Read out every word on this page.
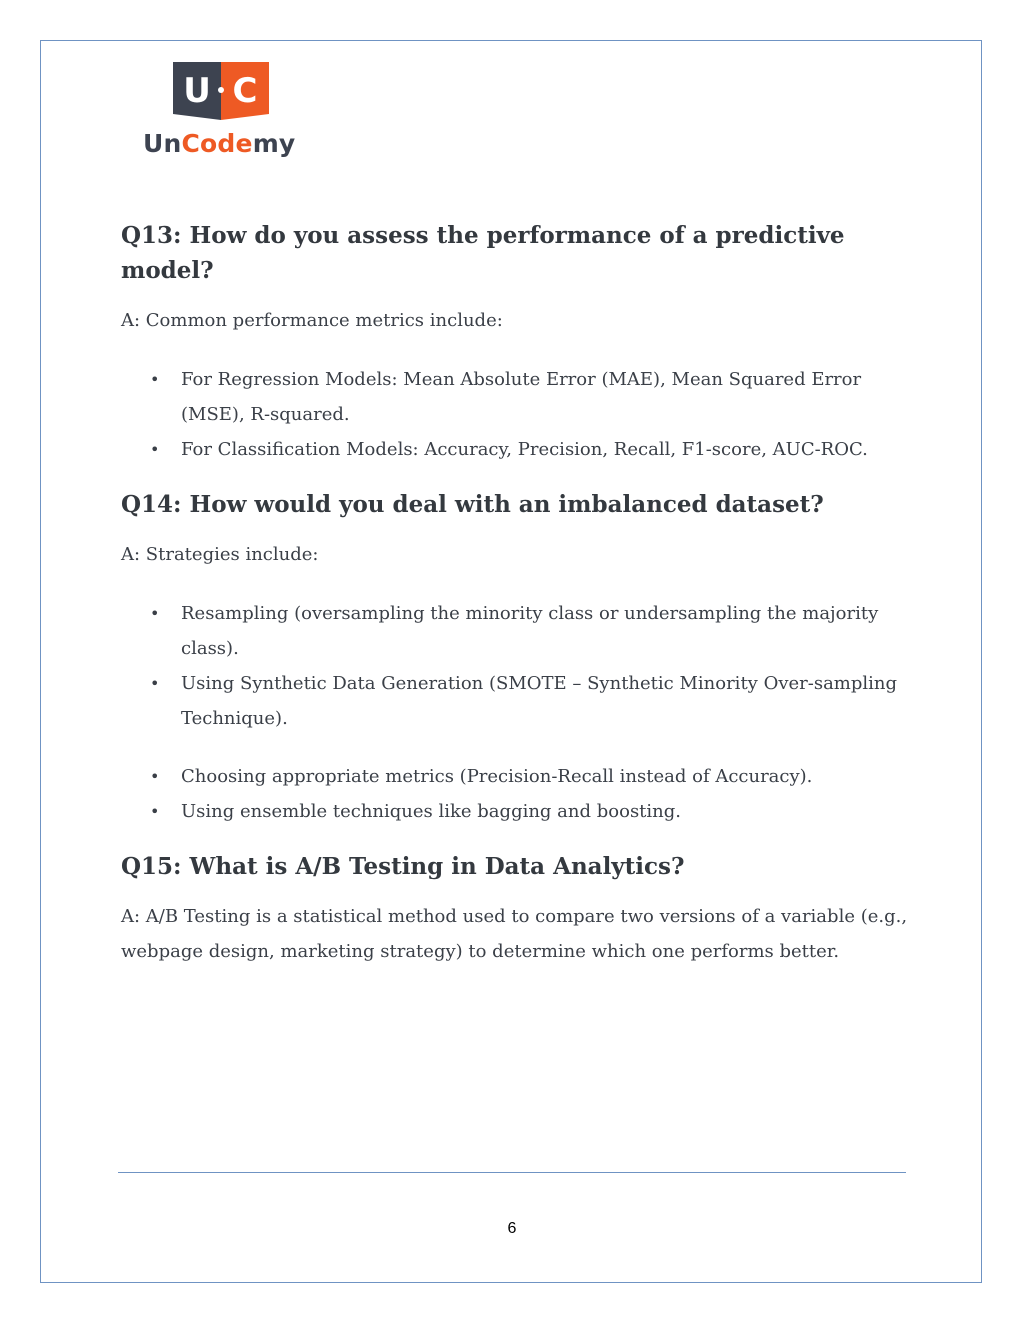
U C
UnCodemy
Q13: How do you assess the performance of a predictive model?

A: Common performance metrics include:

• For Regression Models: Mean Absolute Error (MAE), Mean Squared Error (MSE), R-squared.
• For Classification Models: Accuracy, Precision, Recall, F1-score, AUC-ROC.
Q14: How would you deal with an imbalanced dataset?

A: Strategies include:

• Resampling (oversampling the minority class or undersampling the majority class).
• Using Synthetic Data Generation (SMOTE – Synthetic Minority Over-sampling Technique).
• Choosing appropriate metrics (Precision-Recall instead of Accuracy).
• Using ensemble techniques like bagging and boosting.
Q15: What is A/B Testing in Data Analytics?

A: A/B Testing is a statistical method used to compare two versions of a variable (e.g., webpage design, marketing strategy) to determine which one performs better.

6
